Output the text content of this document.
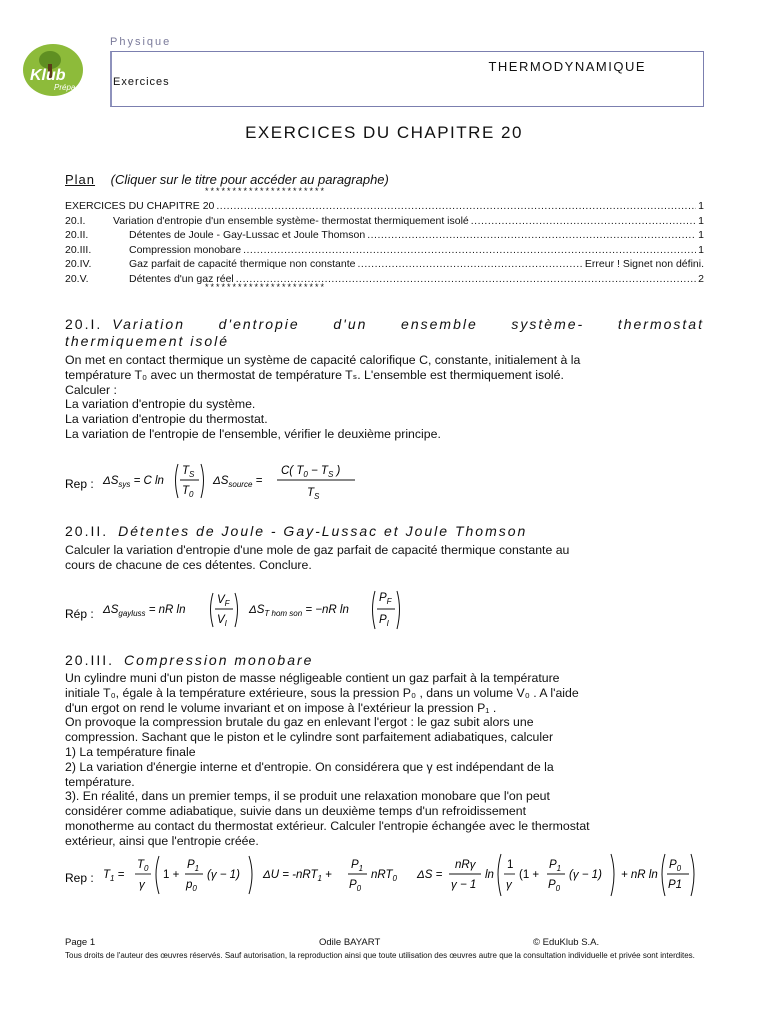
Klub
Prépa
Physique
THERMODYNAMIQUE
Exercices
EXERCICES DU CHAPITRE 20
Plan (Cliquer sur le titre pour accéder au paragraphe)
**********************
EXERCICES DU CHAPITRE 20 .....	1
20.I.	Variation d'entropie d'un ensemble système- thermostat thermiquement isolé .....	1
20.II.	Détentes de Joule - Gay-Lussac et Joule Thomson .....	1
20.III.	Compression monobare .....	1
20.IV.	Gaz parfait de capacité thermique non constante .....	Erreur ! Signet non défini.
20.V.	Détentes d'un gaz réel .....	2
**********************
20.I. Variation d'entropie d'un ensemble système- thermostat
thermiquement isolé

On met en contact thermique un système de capacité calorifique C, constante, initialement à la

température T₀ avec un thermostat de température Tₛ. L'ensemble est thermiquement isolé.

Calculer :

La variation d'entropie du système.

La variation d'entropie du thermostat.

La variation de l'entropie de l'ensemble, vérifier le deuxième principe.

Rep : $\Delta S_{sys} = C$ ln
$T_S$
$T_0$
$\Delta S_{source}$ =
C( $T_0 - T_S$ )
$T_S$
20.II. Détentes de Joule - Gay-Lussac et Joule Thomson

Calculer la variation d'entropie d'une mole de gaz parfait de capacité thermique constante au

cours de chacune de ces détentes. Conclure.

Rép : $\Delta S_{gayluss}$ = nR ln
$V_F$
$V_I$
$\Delta S_{T hom son} = -nR$ ln
$P_F$
$P_I$
20.III. Compression monobare

Un cylindre muni d'un piston de masse négligeable contient un gaz parfait à la température

initiale T₀, égale à la température extérieure, sous la pression P₀ , dans un volume V₀ . A l'aide

d'un ergot on rend le volume invariant et on impose à l'extérieur la pression P₁ .

On provoque la compression brutale du gaz en enlevant l'ergot : le gaz subit alors une

compression. Sachant que le piston et le cylindre sont parfaitement adiabatiques, calculer

1) La température finale

2) La variation d'énergie interne et d'entropie. On considérera que γ est indépendant de la

température.

3). En réalité, dans un premier temps, il se produit une relaxation monobare que l'on peut

considérer comme adiabatique, suivie dans un deuxième temps d'un refroidissement

monotherme au contact du thermostat extérieur. Calculer l'entropie échangée avec le thermostat

extérieur, ainsi que l'entropie créée.

Rep : $T_1$ =
$T_0$
γ
1 +
$P_1$
$p_0$
(γ − 1) ΔU = -nRT$_1$ +
$P_1$
$P_0$
nRT$_0$ ΔS =
nRγ
γ − 1
ln
1
γ
(1 +
$P_1$
$P_0$
(γ − 1) + nR ln
$P_0$
P1
Page 1	Odile BAYART	© EduKlub S.A.
Tous droits de l'auteur des œuvres réservés. Sauf autorisation, la reproduction ainsi que toute utilisation des œuvres autre que la consultation individuelle et privée sont interdites.
